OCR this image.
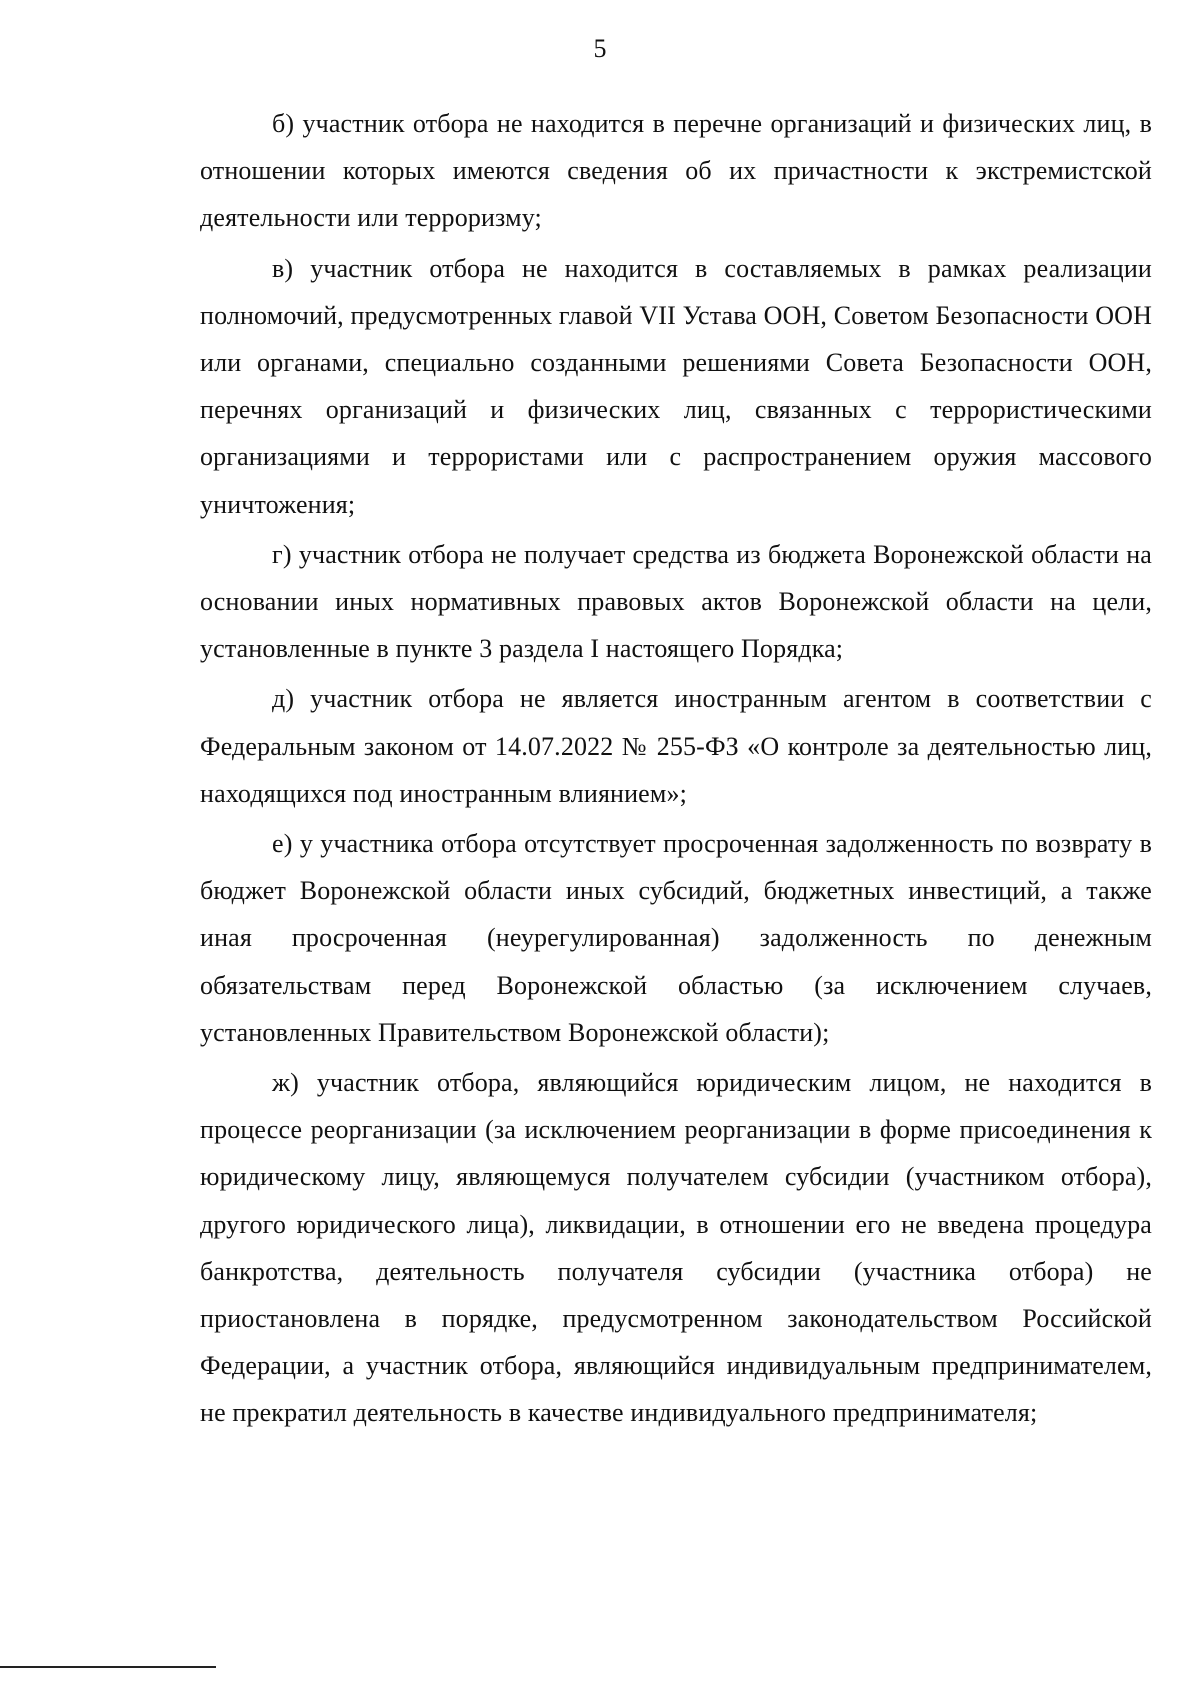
5

б) участник отбора не находится в перечне организаций и физических лиц, в отношении которых имеются сведения об их причастности к экстремистской деятельности или терроризму;

в) участник отбора не находится в составляемых в рамках реализации полномочий, предусмотренных главой VII Устава ООН, Советом Безопасности ООН или органами, специально созданными решениями Совета Безопасности ООН, перечнях организаций и физических лиц, связанных с террористическими организациями и террористами или с распространением оружия массового уничтожения;

г) участник отбора не получает средства из бюджета Воронежской области на основании иных нормативных правовых актов Воронежской области на цели, установленные в пункте 3 раздела I настоящего Порядка;

д) участник отбора не является иностранным агентом в соответствии с Федеральным законом от 14.07.2022 № 255-ФЗ «О контроле за деятельностью лиц, находящихся под иностранным влиянием»;

е) у участника отбора отсутствует просроченная задолженность по возврату в бюджет Воронежской области иных субсидий, бюджетных инвестиций, а также иная просроченная (неурегулированная) задолженность по денежным обязательствам перед Воронежской областью (за исключением случаев, установленных Правительством Воронежской области);

ж) участник отбора, являющийся юридическим лицом, не находится в процессе реорганизации (за исключением реорганизации в форме присоединения к юридическому лицу, являющемуся получателем субсидии (участником отбора), другого юридического лица), ликвидации, в отношении его не введена процедура банкротства, деятельность получателя субсидии (участника отбора) не приостановлена в порядке, предусмотренном законодательством Российской Федерации, а участник отбора, являющийся индивидуальным предпринимателем, не прекратил деятельность в качестве индивидуального предпринимателя;
